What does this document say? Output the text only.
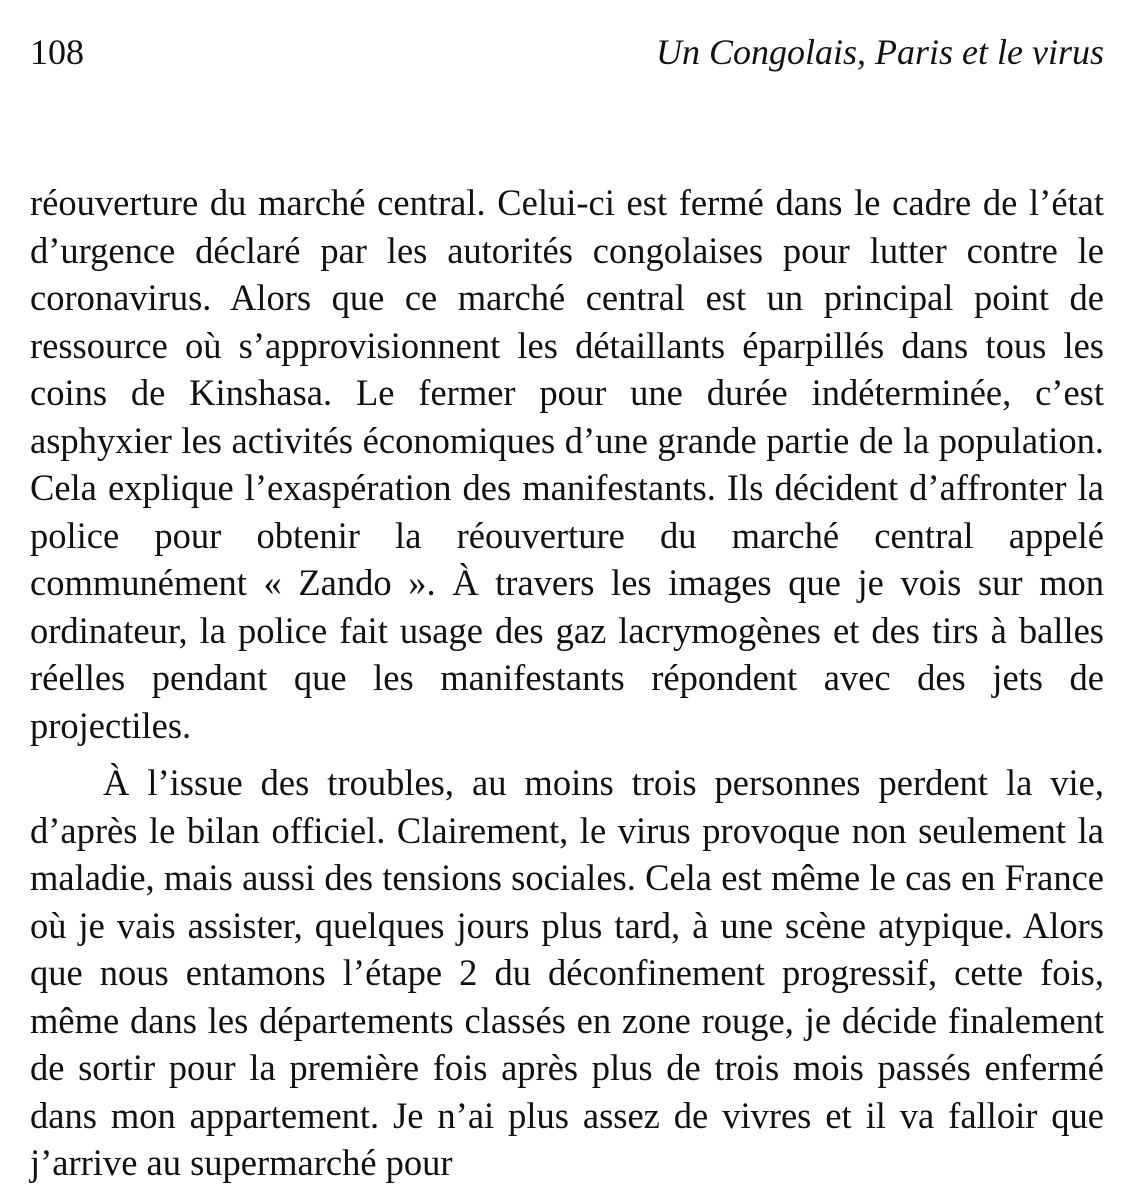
108	Un Congolais, Paris et le virus

réouverture du marché central. Celui-ci est fermé dans le cadre de l’état d’urgence déclaré par les autorités congolaises pour lutter contre le coronavirus. Alors que ce marché central est un principal point de ressource où s’approvisionnent les détaillants éparpillés dans tous les coins de Kinshasa. Le fermer pour une durée indéterminée, c’est asphyxier les activités économiques d’une grande partie de la population. Cela explique l’exaspération des manifestants. Ils décident d’affronter la police pour obtenir la réouverture du marché central appelé communément « Zando ». À travers les images que je vois sur mon ordinateur, la police fait usage des gaz lacrymogènes et des tirs à balles réelles pendant que les manifestants répondent avec des jets de projectiles.

À l’issue des troubles, au moins trois personnes perdent la vie, d’après le bilan officiel. Clairement, le virus provoque non seulement la maladie, mais aussi des tensions sociales. Cela est même le cas en France où je vais assister, quelques jours plus tard, à une scène atypique. Alors que nous entamons l’étape 2 du déconfinement progressif, cette fois, même dans les départements classés en zone rouge, je décide finalement de sortir pour la première fois après plus de trois mois passés enfermé dans mon appartement. Je n’ai plus assez de vivres et il va falloir que j’arrive au supermarché pour
